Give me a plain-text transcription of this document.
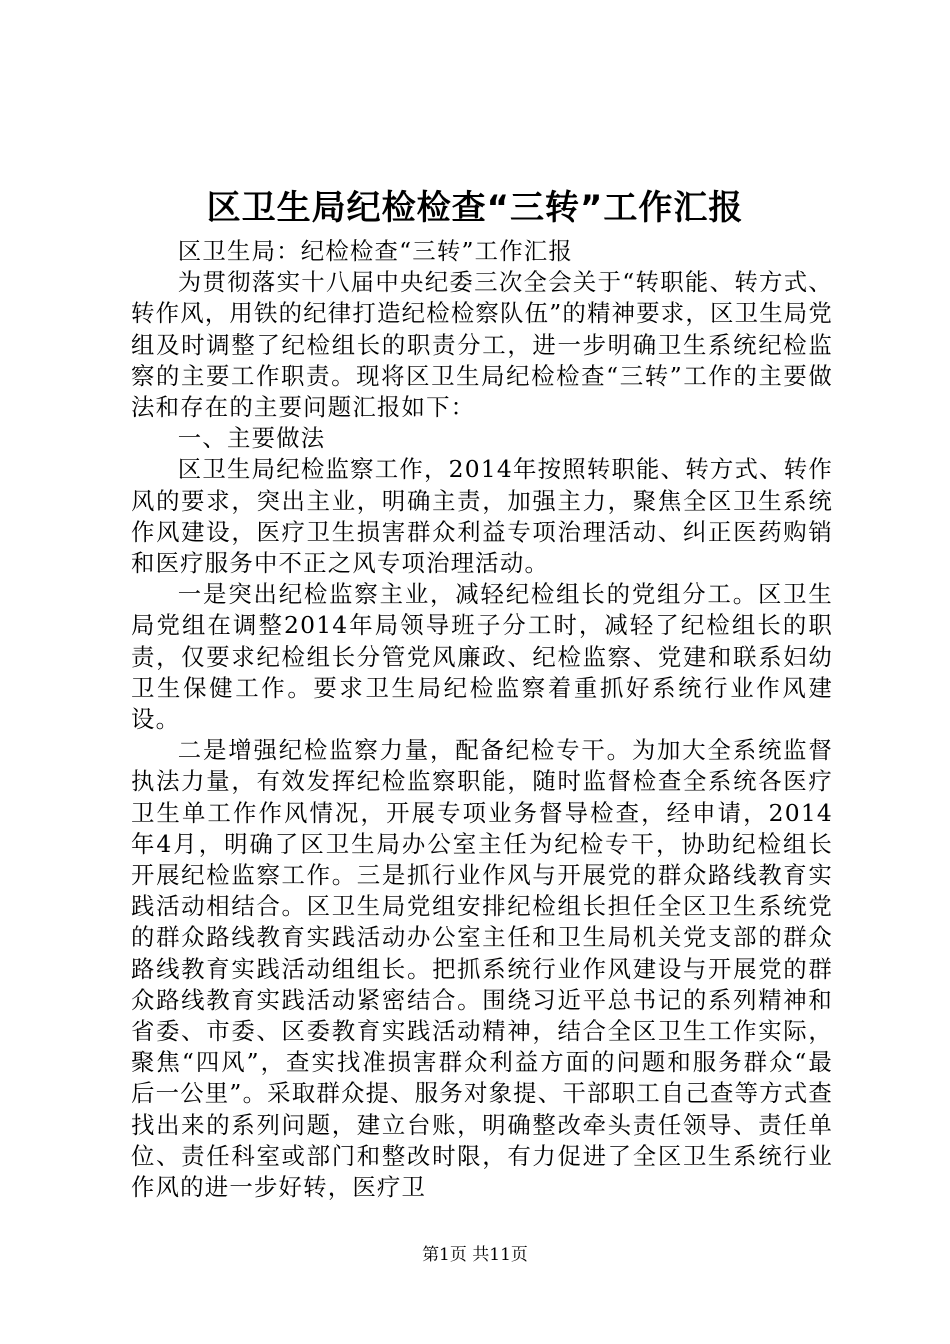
区卫生局纪检检查“三转”工作汇报

区卫生局：纪检检查“三转”工作汇报

为贯彻落实十八届中央纪委三次全会关于“转职能、转方式、转作风，用铁的纪律打造纪检检察队伍”的精神要求，区卫生局党组及时调整了纪检组长的职责分工，进一步明确卫生系统纪检监察的主要工作职责。现将区卫生局纪检检查“三转”工作的主要做法和存在的主要问题汇报如下：

一、主要做法

区卫生局纪检监察工作，2014年按照转职能、转方式、转作风的要求，突出主业，明确主责，加强主力，聚焦全区卫生系统作风建设，医疗卫生损害群众利益专项治理活动、纠正医药购销和医疗服务中不正之风专项治理活动。

一是突出纪检监察主业，减轻纪检组长的党组分工。区卫生局党组在调整2014年局领导班子分工时，减轻了纪检组长的职责，仅要求纪检组长分管党风廉政、纪检监察、党建和联系妇幼卫生保健工作。要求卫生局纪检监察着重抓好系统行业作风建设。

二是增强纪检监察力量，配备纪检专干。为加大全系统监督执法力量，有效发挥纪检监察职能，随时监督检查全系统各医疗卫生单工作作风情况，开展专项业务督导检查，经申请，2014年4月，明确了区卫生局办公室主任为纪检专干，协助纪检组长开展纪检监察工作。三是抓行业作风与开展党的群众路线教育实践活动相结合。区卫生局党组安排纪检组长担任全区卫生系统党的群众路线教育实践活动办公室主任和卫生局机关党支部的群众路线教育实践活动组组长。把抓系统行业作风建设与开展党的群众路线教育实践活动紧密结合。围绕习近平总书记的系列精神和省委、市委、区委教育实践活动精神，结合全区卫生工作实际，聚焦“四风”，查实找准损害群众利益方面的问题和服务群众“最后一公里”。采取群众提、服务对象提、干部职工自己查等方式查找出来的系列问题，建立台账，明确整改牵头责任领导、责任单位、责任科室或部门和整改时限，有力促进了全区卫生系统行业作风的进一步好转，医疗卫

第1页 共11页
